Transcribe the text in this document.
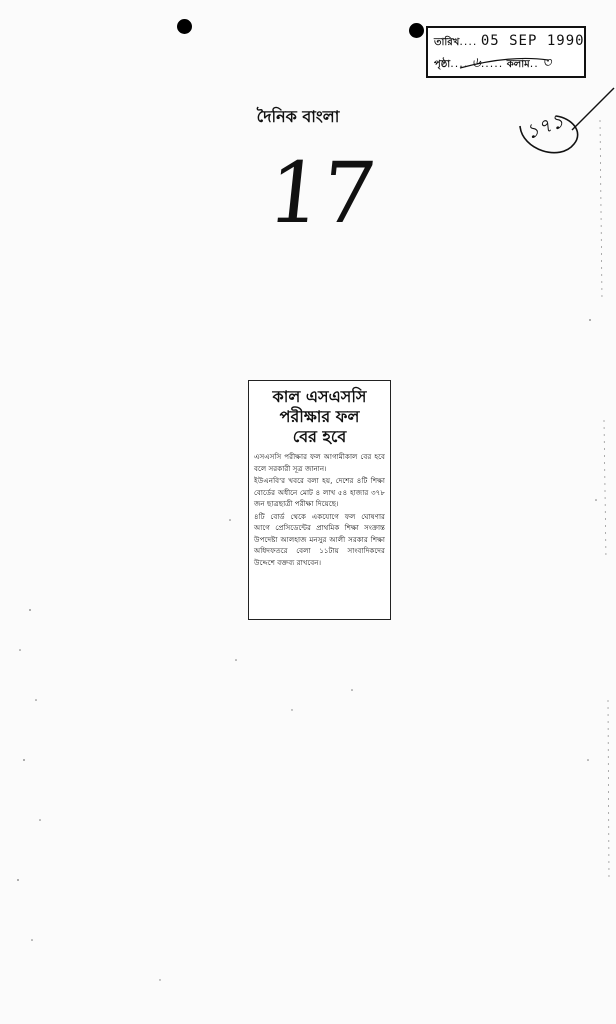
তারিখ.... 05 SEP 1990
পৃষ্ঠা.... ৬..... কলাম.. ৩
দৈনিক বাংলা
17
১৭১
কাল এসএসসি
পরীক্ষার ফল
বের হবে

এসএসসি পরীক্ষার ফল আগামীকাল বের হবে বলে সরকারী সূত্র জানান।

ইউএনবি'র খবরে বলা হয়, দেশের ৪টি শিক্ষা বোর্ডের অধীনে মোট ৪ লাখ ৫৪ হাজার ৩৭৮ জন ছাত্রছাত্রী পরীক্ষা দিয়েছে।

৪টি বোর্ড থেকে একযোগে ফল ঘোষণার আগে প্রেসিডেন্টের প্রাথমিক শিক্ষা সংক্রান্ত উপদেষ্টা আলহাজ মনসুর আলী সরকার শিক্ষা অধিদফতরে বেলা ১১টায় সাংবাদিকদের উদ্দেশে বক্তব্য রাখবেন।
